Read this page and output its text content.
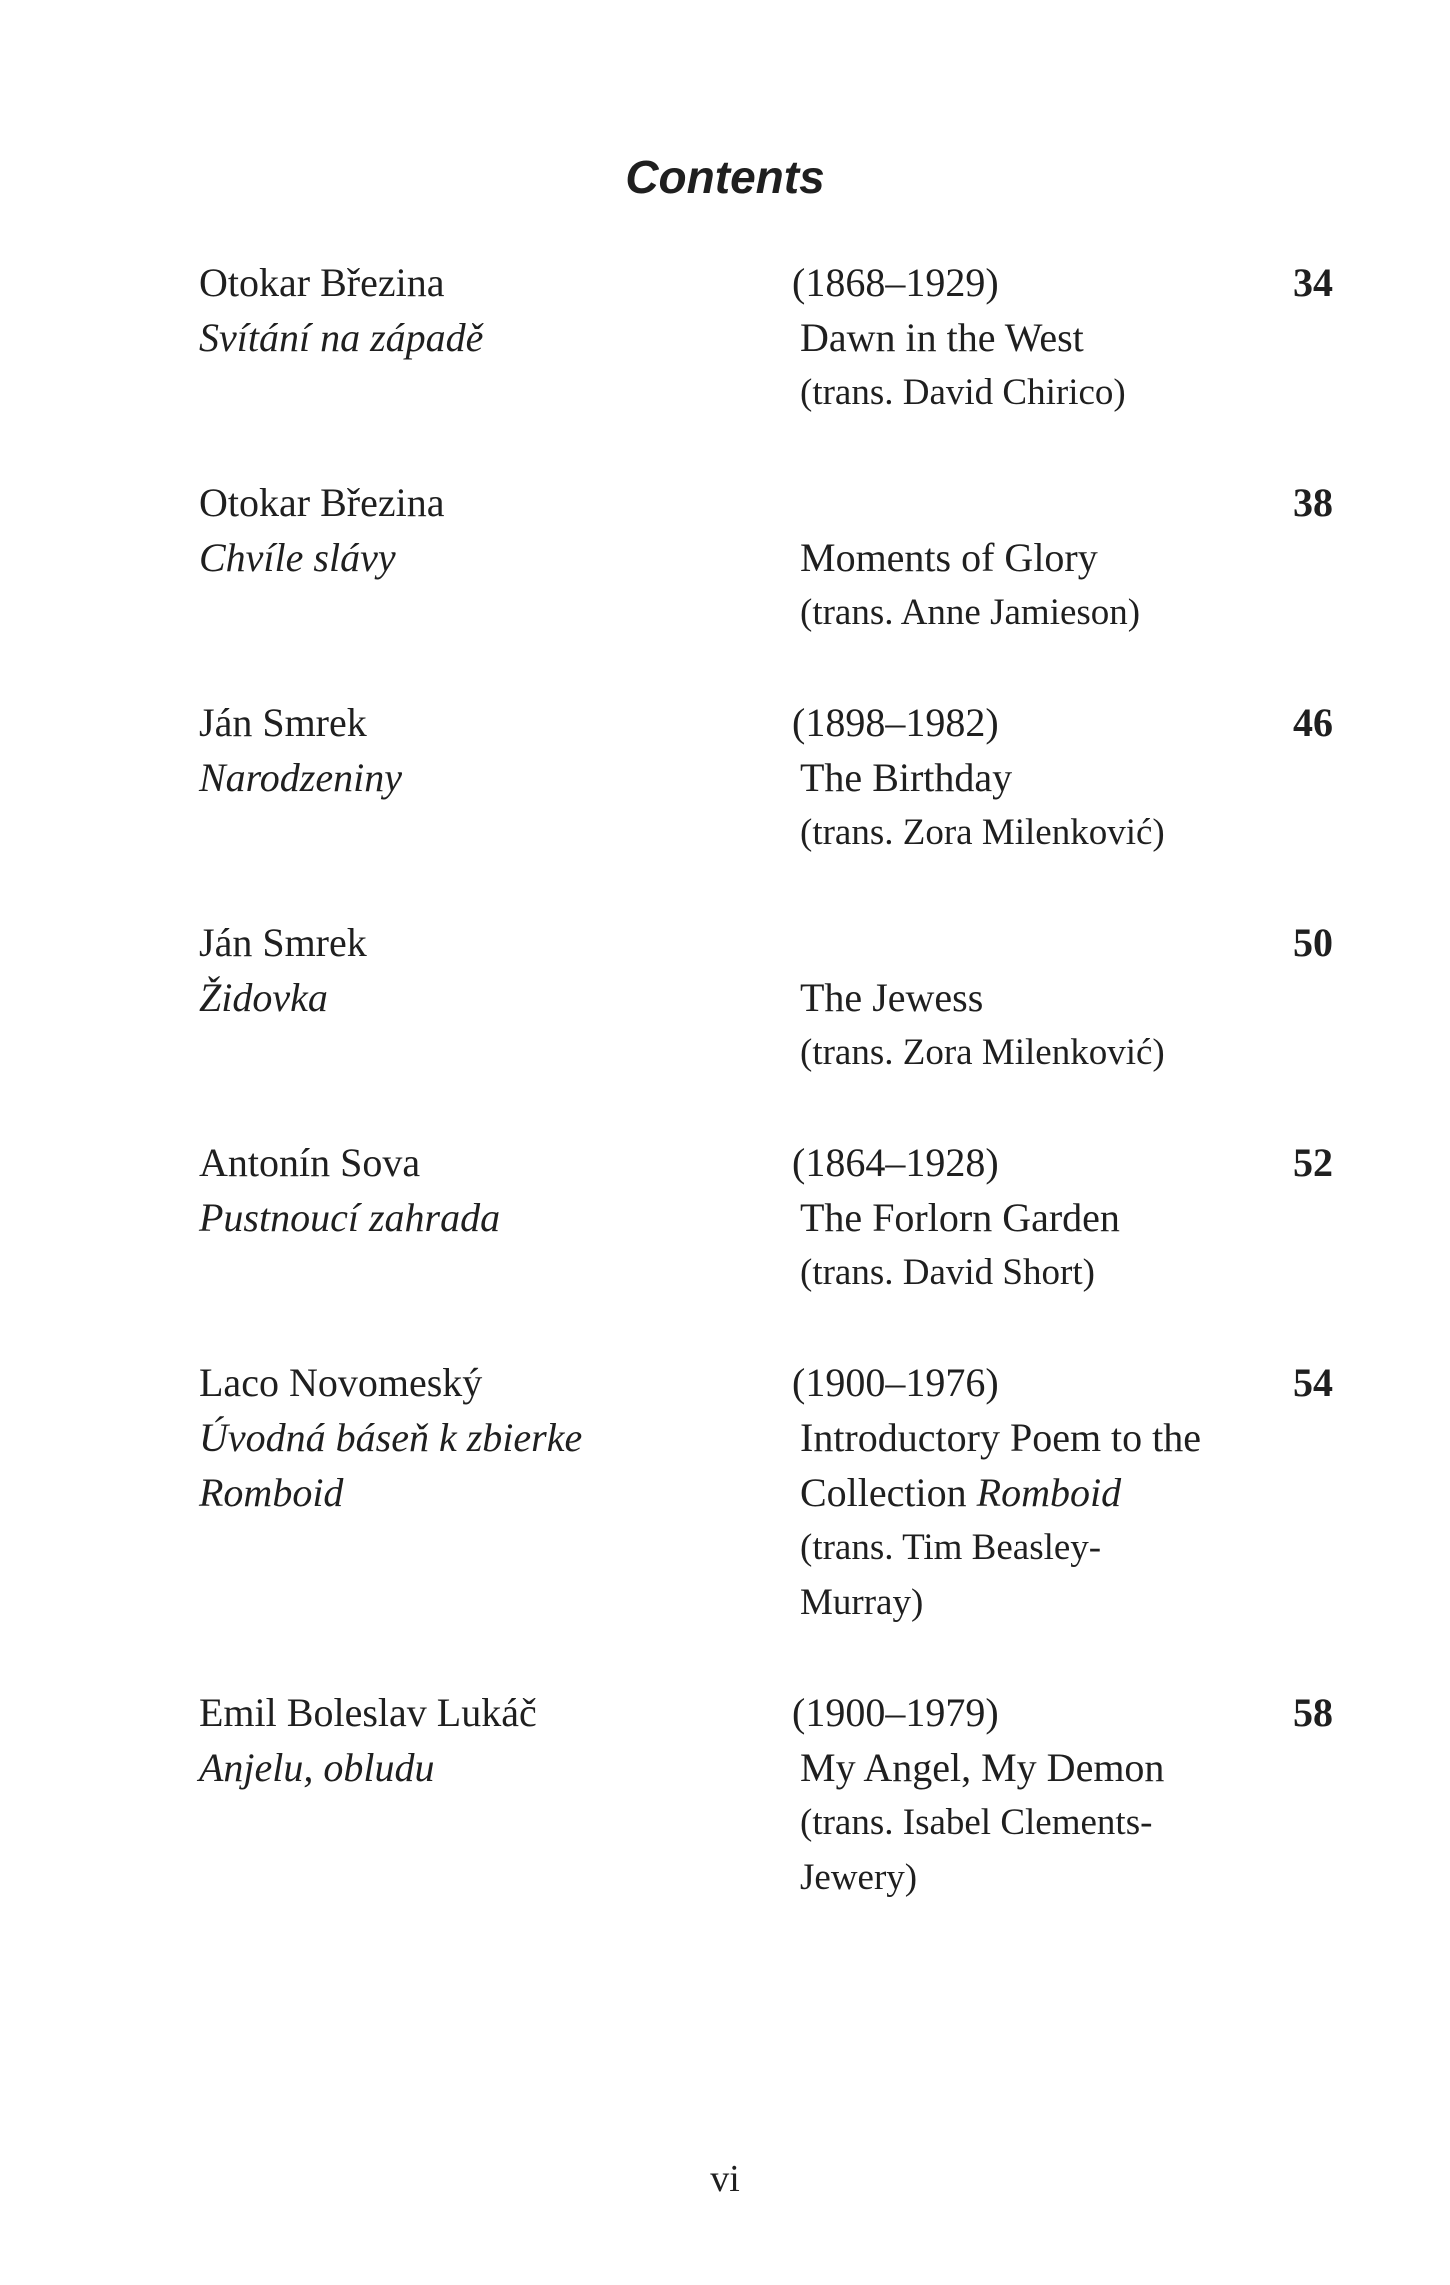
Contents
Otokar Březina
Svítání na západě
(1868–1929)
Dawn in the West
(trans. David Chirico)
34
Otokar Březina
Chvíle slávy	Moments of Glory
(trans. Anne Jamieson)
38
Ján Smrek
Narodzeniny
(1898–1982)
The Birthday
(trans. Zora Milenković)
46
Ján Smrek
Židovka	The Jewess
(trans. Zora Milenković)
50
Antonín Sova
Pustnoucí zahrada
(1864–1928)
The Forlorn Garden
(trans. David Short)
52
Laco Novomeský
Úvodná báseň k zbierke Romboid
(1900–1976)
Introductory Poem to the Collection Romboid
(trans. Tim Beasley-Murray)
54
Emil Boleslav Lukáč
Anjelu, obludu
(1900–1979)
My Angel, My Demon
(trans. Isabel Clements-Jewery)
58
vi
